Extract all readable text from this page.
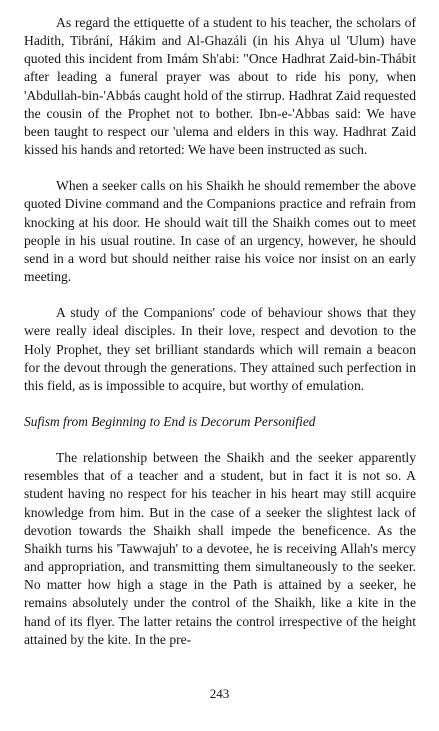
As regard the ettiquette of a student to his teacher, the scholars of Hadith, Tibrání, Hákim and Al-Ghazáli (in his Ahya ul 'Ulum) have quoted this incident from Imám Sh'abi: "Once Hadhrat Zaid-bin-Thábit after leading a funeral prayer was about to ride his pony, when 'Abdullah-bin-'Abbás caught hold of the stirrup. Hadhrat Zaid requested the cousin of the Prophet not to bother. Ibn-e-'Abbas said: We have been taught to respect our 'ulema and elders in this way. Hadhrat Zaid kissed his hands and retorted: We have been instructed as such.

When a seeker calls on his Shaikh he should remember the above quoted Divine command and the Companions practice and refrain from knocking at his door. He should wait till the Shaikh comes out to meet people in his usual routine. In case of an urgency, however, he should send in a word but should neither raise his voice nor insist on an early meeting.

A study of the Companions' code of behaviour shows that they were really ideal disciples. In their love, respect and devotion to the Holy Prophet, they set brilliant standards which will remain a beacon for the devout through the generations. They attained such perfection in this field, as is impossible to acquire, but worthy of emulation.

Sufism from Beginning to End is Decorum Personified

The relationship between the Shaikh and the seeker apparently resembles that of a teacher and a student, but in fact it is not so. A student having no respect for his teacher in his heart may still acquire knowledge from him. But in the case of a seeker the slightest lack of devotion towards the Shaikh shall impede the beneficence. As the Shaikh turns his 'Tawwajuh' to a devotee, he is receiving Allah's mercy and appropriation, and transmitting them simultaneously to the seeker. No matter how high a stage in the Path is attained by a seeker, he remains absolutely under the control of the Shaikh, like a kite in the hand of its flyer. The latter retains the control irrespective of the height attained by the kite. In the pre-

243
